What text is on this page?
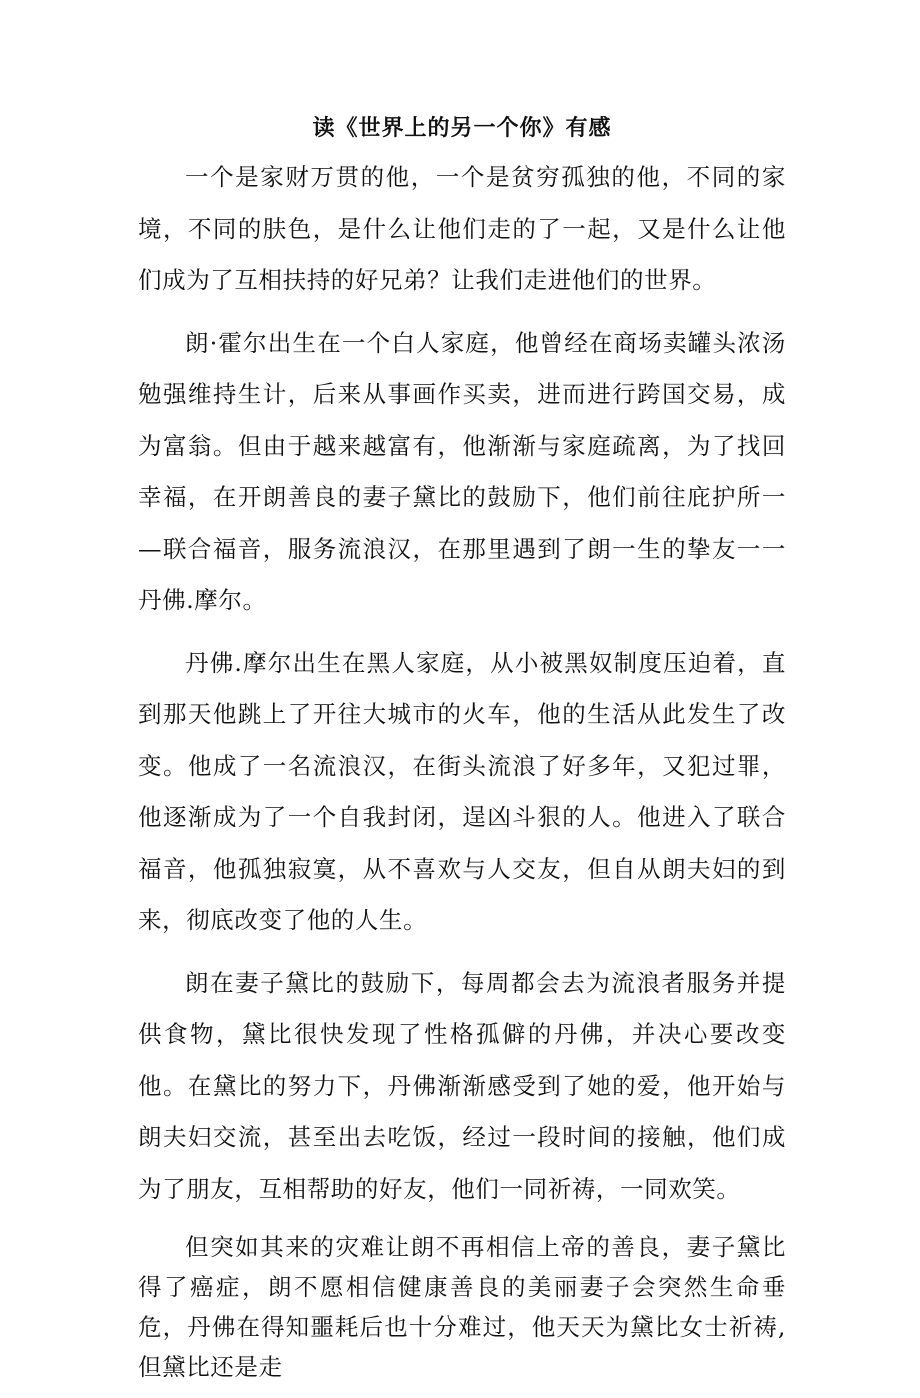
读《世界上的另一个你》有感

一个是家财万贯的他，一个是贫穷孤独的他，不同的家境，不同的肤色，是什么让他们走的了一起，又是什么让他们成为了互相扶持的好兄弟？让我们走进他们的世界。

朗·霍尔出生在一个白人家庭，他曾经在商场卖罐头浓汤勉强维持生计，后来从事画作买卖，进而进行跨国交易，成为富翁。但由于越来越富有，他渐渐与家庭疏离，为了找回幸福，在开朗善良的妻子黛比的鼓励下，他们前往庇护所一—联合福音，服务流浪汉，在那里遇到了朗一生的挚友一一丹佛.摩尔。

丹佛.摩尔出生在黑人家庭，从小被黑奴制度压迫着，直到那天他跳上了开往大城市的火车，他的生活从此发生了改变。他成了一名流浪汉，在街头流浪了好多年，又犯过罪，他逐渐成为了一个自我封闭，逞凶斗狠的人。他进入了联合福音，他孤独寂寞，从不喜欢与人交友，但自从朗夫妇的到来，彻底改变了他的人生。

朗在妻子黛比的鼓励下，每周都会去为流浪者服务并提供食物，黛比很快发现了性格孤僻的丹佛，并决心要改变他。在黛比的努力下，丹佛渐渐感受到了她的爱，他开始与朗夫妇交流，甚至出去吃饭，经过一段时间的接触，他们成为了朋友，互相帮助的好友，他们一同祈祷，一同欢笑。

但突如其来的灾难让朗不再相信上帝的善良，妻子黛比得了癌症，朗不愿相信健康善良的美丽妻子会突然生命垂危，丹佛在得知噩耗后也十分难过，他天天为黛比女士祈祷,但黛比还是走
